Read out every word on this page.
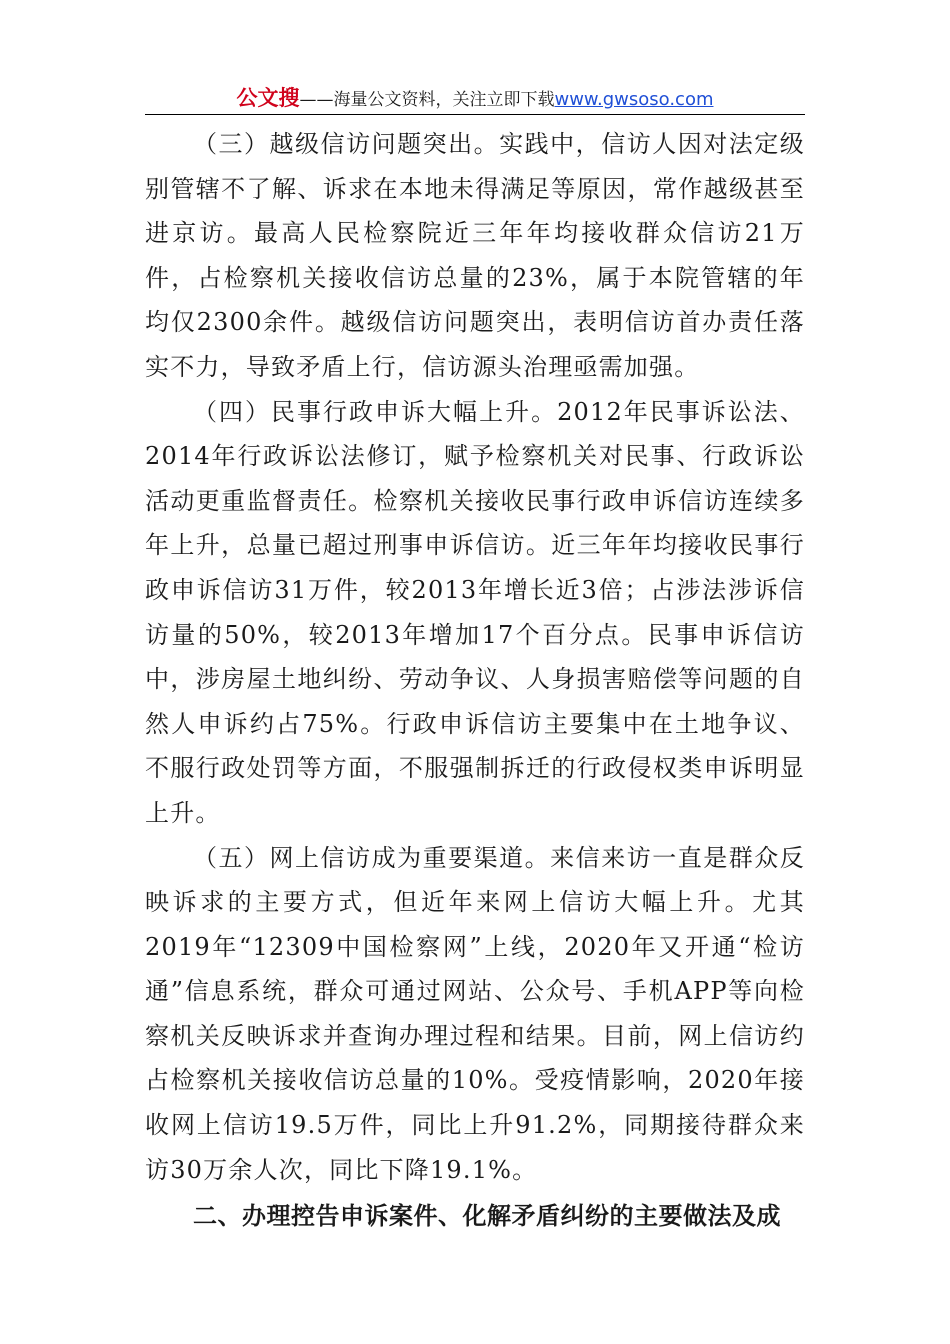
公文搜——海量公文资料，关注立即下载www.gwsoso.com

（三）越级信访问题突出。实践中，信访人因对法定级别管辖不了解、诉求在本地未得满足等原因，常作越级甚至进京访。最高人民检察院近三年年均接收群众信访21万件，占检察机关接收信访总量的23%，属于本院管辖的年均仅2300余件。越级信访问题突出，表明信访首办责任落实不力，导致矛盾上行，信访源头治理亟需加强。

（四）民事行政申诉大幅上升。2012年民事诉讼法、2014年行政诉讼法修订，赋予检察机关对民事、行政诉讼活动更重监督责任。检察机关接收民事行政申诉信访连续多年上升，总量已超过刑事申诉信访。近三年年均接收民事行政申诉信访31万件，较2013年增长近3倍；占涉法涉诉信访量的50%，较2013年增加17个百分点。民事申诉信访中，涉房屋土地纠纷、劳动争议、人身损害赔偿等问题的自然人申诉约占75%。行政申诉信访主要集中在土地争议、不服行政处罚等方面，不服强制拆迁的行政侵权类申诉明显上升。

（五）网上信访成为重要渠道。来信来访一直是群众反映诉求的主要方式，但近年来网上信访大幅上升。尤其2019年“12309中国检察网”上线，2020年又开通“检访通”信息系统，群众可通过网站、公众号、手机APP等向检察机关反映诉求并查询办理过程和结果。目前，网上信访约占检察机关接收信访总量的10%。受疫情影响，2020年接收网上信访19.5万件，同比上升91.2%，同期接待群众来访30万余人次，同比下降19.1%。

二、办理控告申诉案件、化解矛盾纠纷的主要做法及成
